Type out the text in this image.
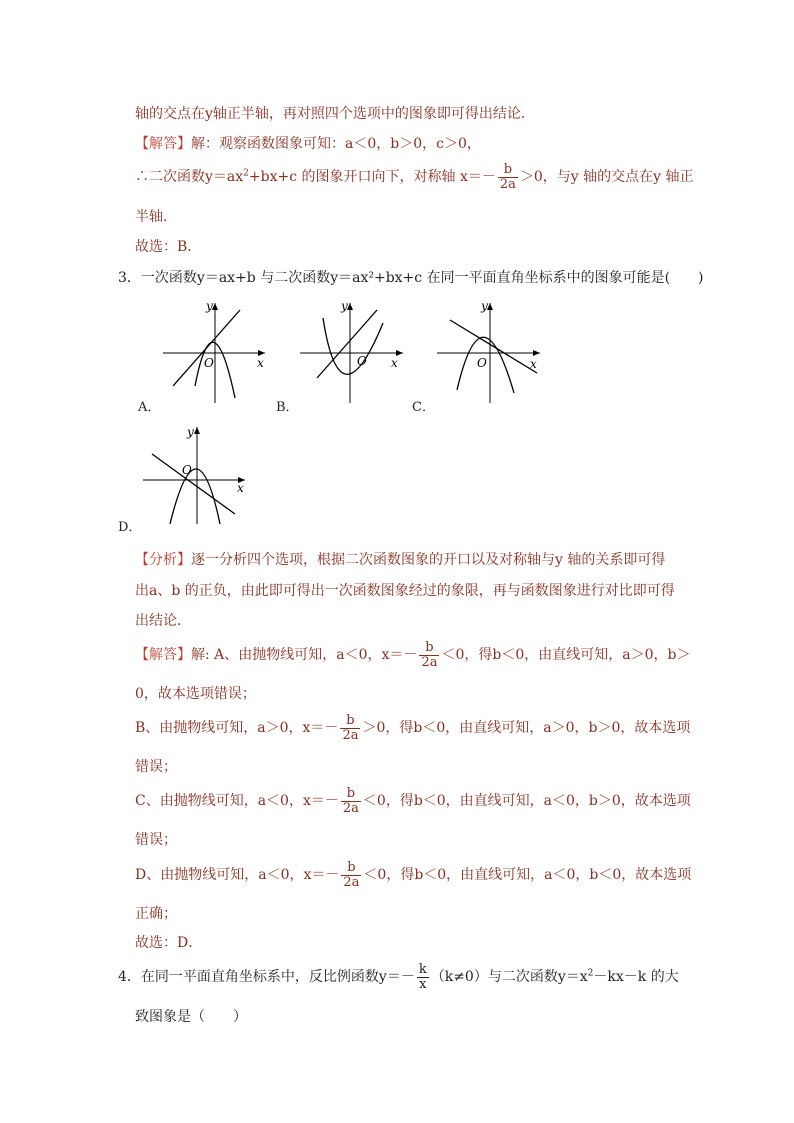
轴的交点在y轴正半轴，再对照四个选项中的图象即可得出结论．
【解答】解：观察函数图象可知：a＜0，b＞0，c＞0，
∴二次函数$y=ax^2+bx+c$ 的图象开口向下，对称轴 $x=- \frac{b}{2a} >0$，与y 轴的交点在y 轴正
半轴．
故选：B．
3．一次函数y＝ax+b 与二次函数y＝ax²+bx+c 在同一平面直角坐标系中的图象可能是(　　)
O	x
y
A．
O x
y
B．
O	x
y
C．
O
x
y
D．
【分析】逐一分析四个选项，根据二次函数图象的开口以及对称轴与y 轴的关系即可得
出a、b 的正负，由此即可得出一次函数图象经过的象限，再与函数图象进行对比即可得
出结论．
【解答】解: A、由抛物线可知，a＜0，$x=- \frac{b}{2a} <0$，得b＜0，由直线可知，a＞0，b＞
0，故本选项错误；
B、由抛物线可知，a＞0，$x=- \frac{b}{2a} >0$，得b＜0，由直线可知，a＞0，b＞0，故本选项
错误；
C、由抛物线可知，a＜0，$x=- \frac{b}{2a} <0$，得b＜0，由直线可知，a＜0，b＞0，故本选项
错误；
D、由抛物线可知，a＜0，$x=- \frac{b}{2a} <0$，得b＜0，由直线可知，a＜0，b＜0，故本选项
正确；
故选：D．
4．在同一平面直角坐标系中，反比例函数$y=- \frac{k}{x} (k\ne 0)$与二次函数$y=x^2-kx-k$ 的大
致图象是（　　）
